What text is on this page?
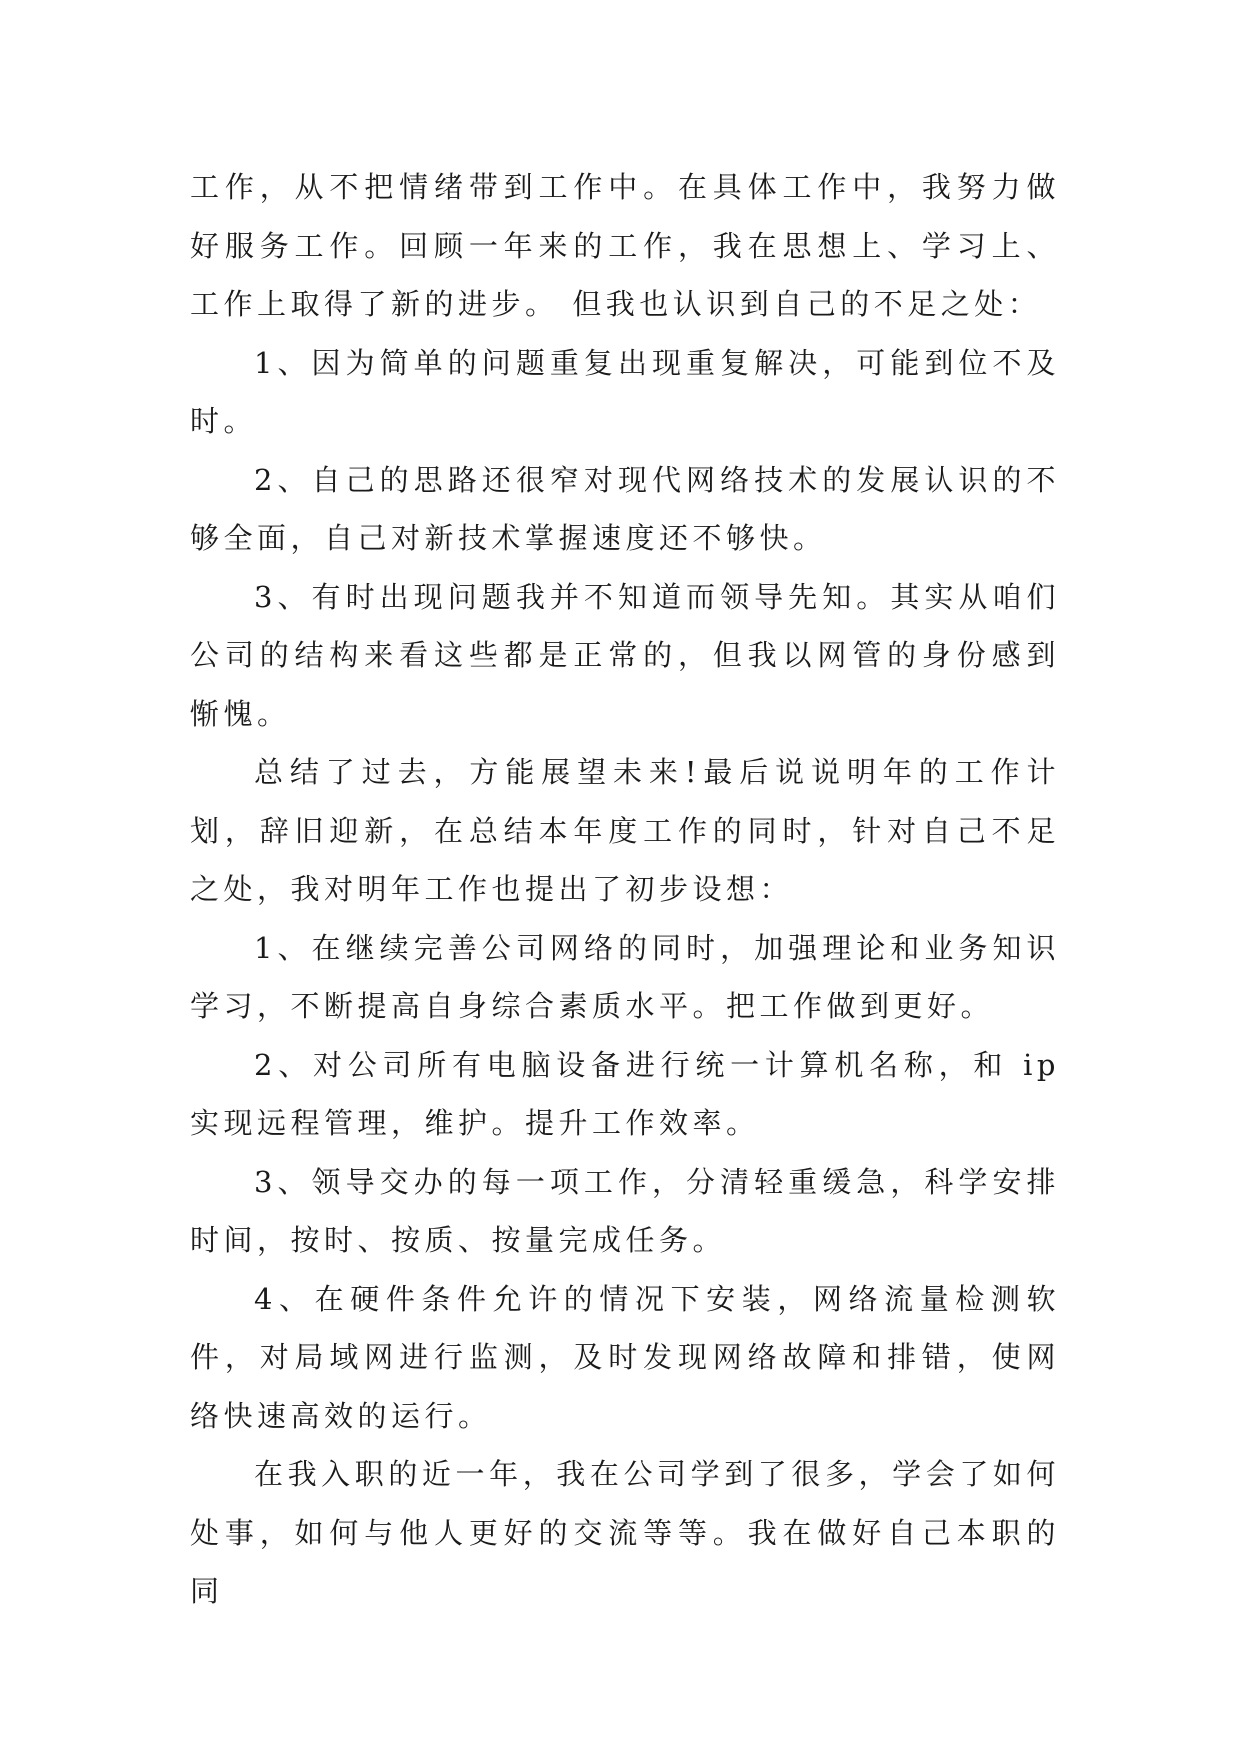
工作，从不把情绪带到工作中。在具体工作中，我努力做好服务工作。回顾一年来的工作，我在思想上、学习上、工作上取得了新的进步。 但我也认识到自己的不足之处：

1、因为简单的问题重复出现重复解决，可能到位不及时。

2、自己的思路还很窄对现代网络技术的发展认识的不够全面，自己对新技术掌握速度还不够快。

3、有时出现问题我并不知道而领导先知。其实从咱们公司的结构来看这些都是正常的，但我以网管的身份感到惭愧。

总结了过去，方能展望未来!最后说说明年的工作计划，辞旧迎新，在总结本年度工作的同时，针对自己不足之处，我对明年工作也提出了初步设想：

1、在继续完善公司网络的同时，加强理论和业务知识学习，不断提高自身综合素质水平。把工作做到更好。

2、对公司所有电脑设备进行统一计算机名称，和 ip 实现远程管理，维护。提升工作效率。

3、领导交办的每一项工作，分清轻重缓急，科学安排时间，按时、按质、按量完成任务。

4、在硬件条件允许的情况下安装，网络流量检测软件，对局域网进行监测，及时发现网络故障和排错，使网络快速高效的运行。

在我入职的近一年，我在公司学到了很多，学会了如何处事，如何与他人更好的交流等等。我在做好自己本职的同
